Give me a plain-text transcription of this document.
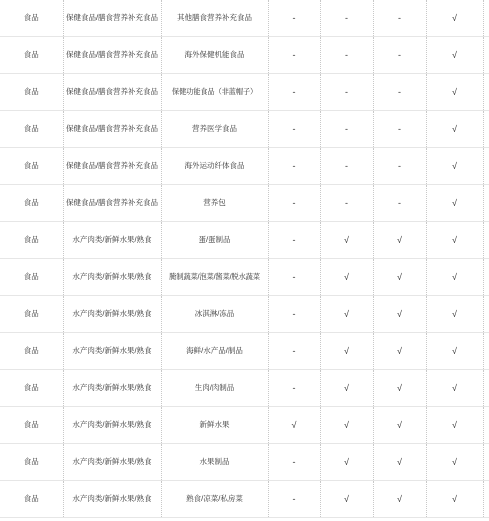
食品	保健食品/膳食营养补充食品	其他膳食营养补充食品	-	-	-	√	
食品	保健食品/膳食营养补充食品	海外保健机能食品	-	-	-	√	
食品	保健食品/膳食营养补充食品	保健功能食品（非蓝帽子）	-	-	-	√	
食品	保健食品/膳食营养补充食品	营养医学食品	-	-	-	√	
食品	保健食品/膳食营养补充食品	海外运动纤体食品	-	-	-	√	
食品	保健食品/膳食营养补充食品	营养包	-	-	-	√	
食品	水产肉类/新鲜水果/熟食	蛋/蛋制品	-	√	√	√	
食品	水产肉类/新鲜水果/熟食	腌制蔬菜/泡菜/酱菜/脱水蔬菜	-	√	√	√	
食品	水产肉类/新鲜水果/熟食	冰淇淋/冻品	-	√	√	√	
食品	水产肉类/新鲜水果/熟食	海鲜/水产品/制品	-	√	√	√	
食品	水产肉类/新鲜水果/熟食	生肉/肉制品	-	√	√	√	
食品	水产肉类/新鲜水果/熟食	新鲜水果	√	√	√	√	
食品	水产肉类/新鲜水果/熟食	水果制品	-	√	√	√	
食品	水产肉类/新鲜水果/熟食	熟食/凉菜/私房菜	-	√	√	√	
